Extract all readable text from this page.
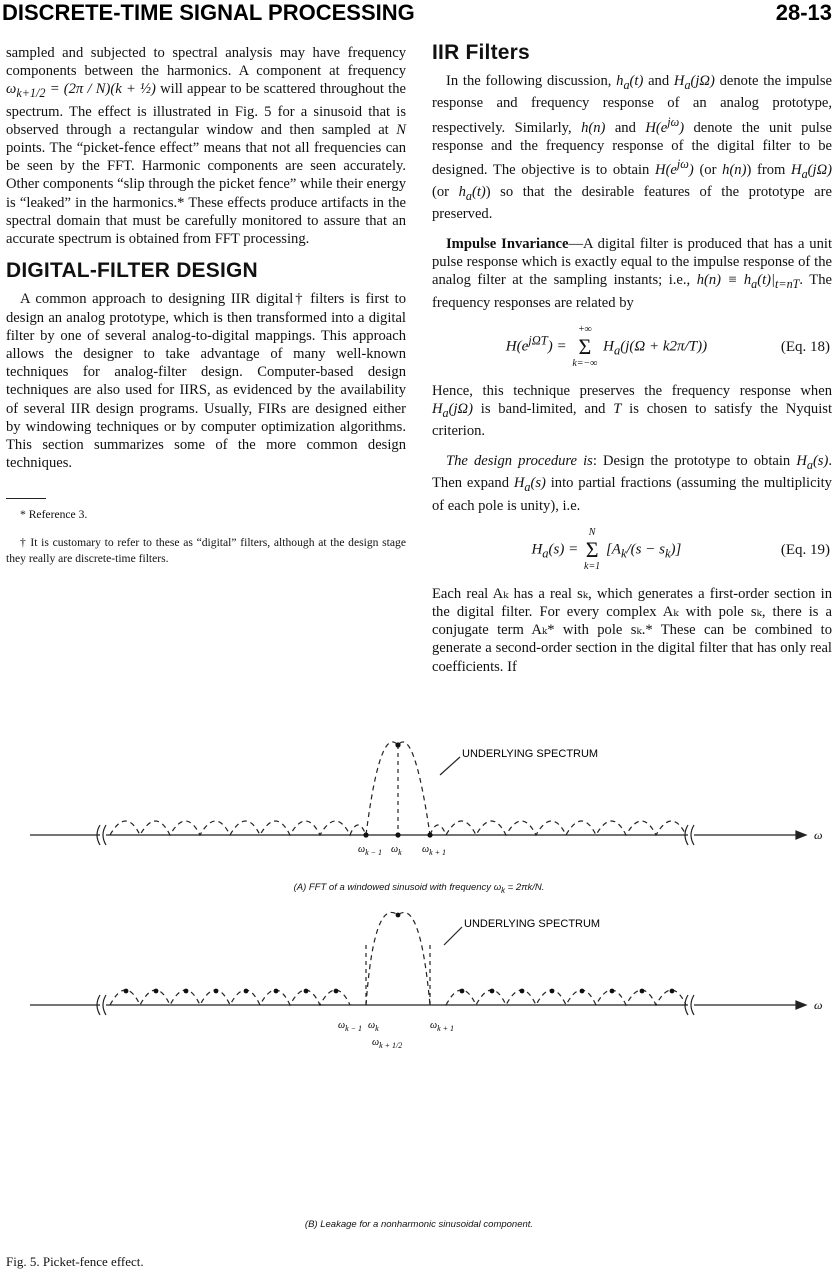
DISCRETE-TIME SIGNAL PROCESSING	28-13

sampled and subjected to spectral analysis may have frequency components between the harmonics. A component at frequency $\omega_{k+1/2} = (2\pi / N)(k$ + ½) will appear to be scattered throughout the spectrum. The effect is illustrated in Fig. 5 for a sinusoid that is observed through a rectangular window and then sampled at N points. The “picket-fence effect” means that not all frequencies can be seen by the FFT. Harmonic components are seen accurately. Other components “slip through the picket fence” while their energy is “leaked” in the harmonics.* These effects produce artifacts in the spectral domain that must be carefully monitored to assure that an accurate spectrum is obtained from FFT processing.

DIGITAL-FILTER DESIGN

A common approach to designing IIR digital† filters is first to design an analog prototype, which is then transformed into a digital filter by one of several analog-to-digital mappings. This approach allows the designer to take advantage of many well-known techniques for analog-filter design. Computer-based design techniques are also used for IIRS, as evidenced by the availability of several IIR design programs. Usually, FIRs are designed either by windowing techniques or by computer optimization algorithms. This section summarizes some of the more common design techniques.

* Reference 3.

† It is customary to refer to these as “digital” filters, although at the design stage they really are discrete-time filters.

IIR Filters

In the following discussion, $h_a(t)$ and $H_a(j\Omega)$ denote the impulse response and frequency response of an analog prototype, respectively. Similarly, h(n) and $H(e^{j\omega})$ denote the unit pulse response and the frequency response of the digital filter to be designed. The objective is to obtain $H(e^{j\omega})$ (or h(n)) from $H_a(j\Omega)$ (or $h_a(t)$) so that the desirable features of the prototype are preserved.

Impulse Invariance—A digital filter is produced that has a unit pulse response which is exactly equal to the impulse response of the analog filter at the sampling instants; i.e., $h(n) \equiv h_a(t)|_{t=nT}$. The frequency responses are related by

$H(e^{j\Omega T})$ =
+∞
Σ
k=−∞
$H_a(j(\Omega + k2\pi/T))$	(Eq. 18)

Hence, this technique preserves the frequency response when $H_a(j\Omega)$ is band-limited, and T is chosen to satisfy the Nyquist criterion.

The design procedure is: Design the prototype to obtain $H_a(s)$. Then expand $H_a(s)$ into partial fractions (assuming the multiplicity of each pole is unity), i.e.

$H_a(s)$ =
N
Σ
k=1
$[A_k/(s - s_k)]$	(Eq. 19)

Each real Aₖ has a real sₖ, which generates a first-order section in the digital filter. For every complex Aₖ with pole sₖ, there is a conjugate term Aₖ* with pole sₖ.* These can be combined to generate a second-order section in the digital filter that has only real coefficients. If

UNDERLYING SPECTRUM
ω
$\omega_{k - 1}$ $\omega_k$ $\omega_{k + 1}$
(A) FFT of a windowed sinusoid with frequency $\omega_k = 2\pi k/N$.
UNDERLYING SPECTRUM
ω
$\omega_{k - 1}$ $\omega_k$	$\omega_{k + 1}$
$\omega_{k + 1/2}$
(B) Leakage for a nonharmonic sinusoidal component.
Fig. 5. Picket-fence effect.
